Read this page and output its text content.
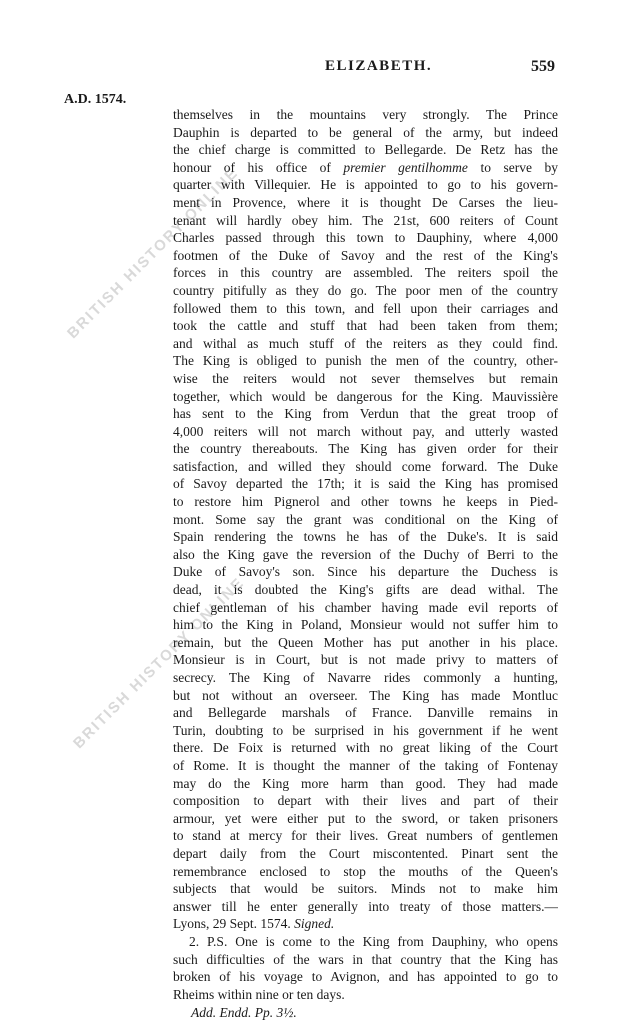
BRITISH HISTORY ONLINE
BRITISH HISTORY ONLINE
ELIZABETH.	559
A.D. 1574.
themselves in the mountains very strongly. The Prince
Dauphin is departed to be general of the army, but indeed
the chief charge is committed to Bellegarde. De Retz has the
honour of his office of premier gentilhomme to serve by
quarter with Villequier. He is appointed to go to his govern-
ment in Provence, where it is thought De Carses the lieu-
tenant will hardly obey him. The 21st, 600 reiters of Count
Charles passed through this town to Dauphiny, where 4,000
footmen of the Duke of Savoy and the rest of the King's
forces in this country are assembled. The reiters spoil the
country pitifully as they do go. The poor men of the country
followed them to this town, and fell upon their carriages and
took the cattle and stuff that had been taken from them;
and withal as much stuff of the reiters as they could find.
The King is obliged to punish the men of the country, other-
wise the reiters would not sever themselves but remain
together, which would be dangerous for the King. Mauvissière
has sent to the King from Verdun that the great troop of
4,000 reiters will not march without pay, and utterly wasted
the country thereabouts. The King has given order for their
satisfaction, and willed they should come forward. The Duke
of Savoy departed the 17th; it is said the King has promised
to restore him Pignerol and other towns he keeps in Pied-
mont. Some say the grant was conditional on the King of
Spain rendering the towns he has of the Duke's. It is said
also the King gave the reversion of the Duchy of Berri to the
Duke of Savoy's son. Since his departure the Duchess is
dead, it is doubted the King's gifts are dead withal. The
chief gentleman of his chamber having made evil reports of
him to the King in Poland, Monsieur would not suffer him to
remain, but the Queen Mother has put another in his place.
Monsieur is in Court, but is not made privy to matters of
secrecy. The King of Navarre rides commonly a hunting,
but not without an overseer. The King has made Montluc
and Bellegarde marshals of France. Danville remains in
Turin, doubting to be surprised in his government if he went
there. De Foix is returned with no great liking of the Court
of Rome. It is thought the manner of the taking of Fontenay
may do the King more harm than good. They had made
composition to depart with their lives and part of their
armour, yet were either put to the sword, or taken prisoners
to stand at mercy for their lives. Great numbers of gentlemen
depart daily from the Court miscontented. Pinart sent the
remembrance enclosed to stop the mouths of the Queen's
subjects that would be suitors. Minds not to make him
answer till he enter generally into treaty of those matters.—
Lyons, 29 Sept. 1574. Signed.
2. P.S. One is come to the King from Dauphiny, who opens
such difficulties of the wars in that country that the King has
broken of his voyage to Avignon, and has appointed to go to
Rheims within nine or ten days.
Add. Endd. Pp. 3½.
